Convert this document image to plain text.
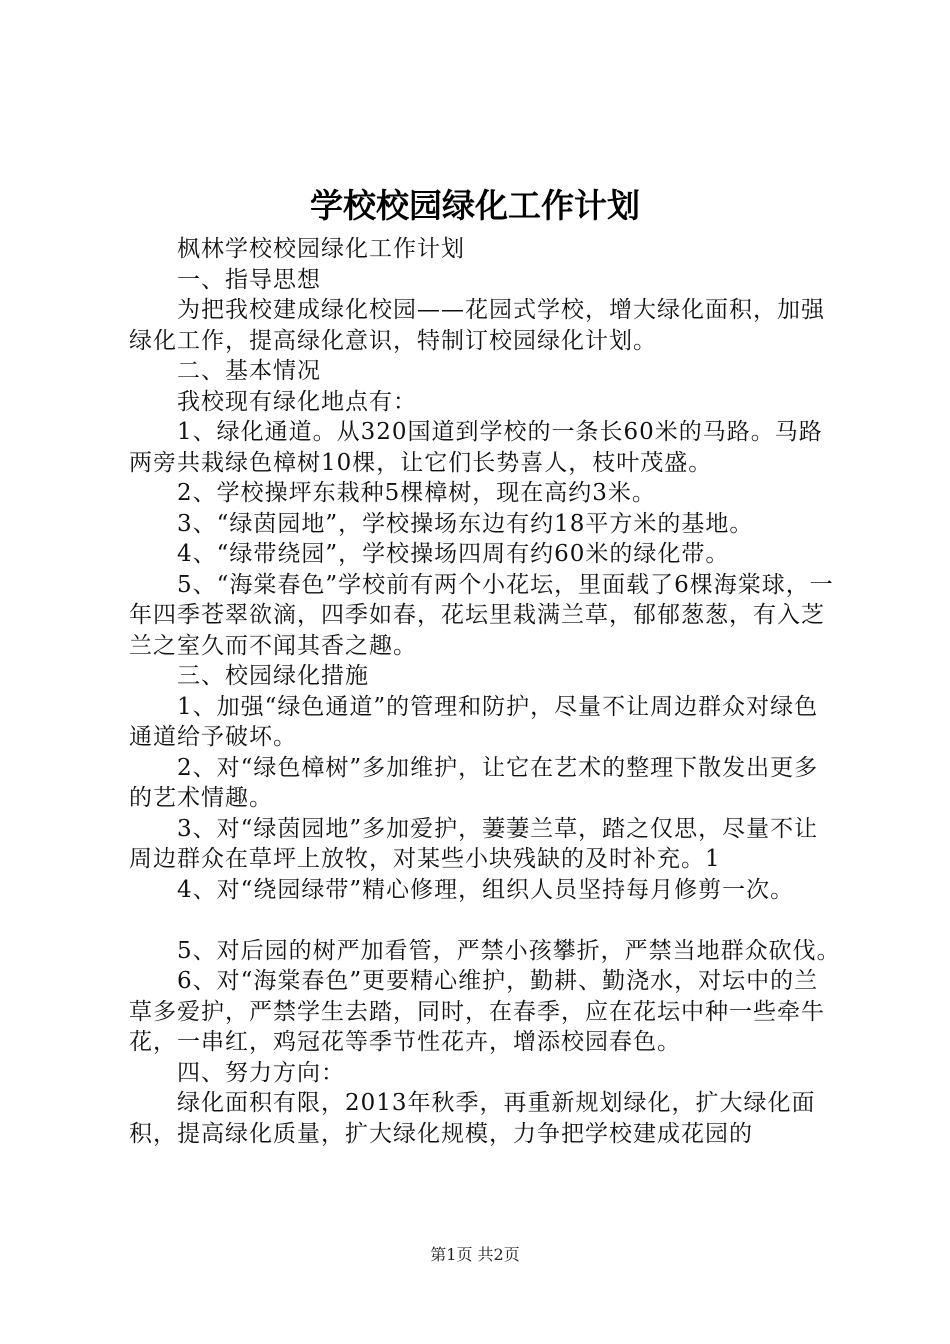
学校校园绿化工作计划

枫林学校校园绿化工作计划

一、指导思想

为把我校建成绿化校园——花园式学校，增大绿化面积，加强绿化工作，提高绿化意识，特制订校园绿化计划。

二、基本情况

我校现有绿化地点有：

1、绿化通道。从320国道到学校的一条长60米的马路。马路两旁共栽绿色樟树10棵，让它们长势喜人，枝叶茂盛。

2、学校操坪东栽种5棵樟树，现在高约3米。

3、“绿茵园地”，学校操场东边有约18平方米的基地。

4、“绿带绕园”，学校操场四周有约60米的绿化带。

5、“海棠春色”学校前有两个小花坛，里面载了6棵海棠球，一年四季苍翠欲滴，四季如春，花坛里栽满兰草，郁郁葱葱，有入芝兰之室久而不闻其香之趣。

三、校园绿化措施

1、加强“绿色通道”的管理和防护，尽量不让周边群众对绿色通道给予破坏。

2、对“绿色樟树”多加维护，让它在艺术的整理下散发出更多的艺术情趣。

3、对“绿茵园地”多加爱护，萋萋兰草，踏之仅思，尽量不让周边群众在草坪上放牧，对某些小块残缺的及时补充。1

4、对“绕园绿带”精心修理，组织人员坚持每月修剪一次。

5、对后园的树严加看管，严禁小孩攀折，严禁当地群众砍伐。

6、对“海棠春色”更要精心维护，勤耕、勤浇水，对坛中的兰草多爱护，严禁学生去踏，同时，在春季，应在花坛中种一些牵牛花，一串红，鸡冠花等季节性花卉，增添校园春色。

四、努力方向：

绿化面积有限，2013年秋季，再重新规划绿化，扩大绿化面积，提高绿化质量，扩大绿化规模，力争把学校建成花园的

第1页 共2页
